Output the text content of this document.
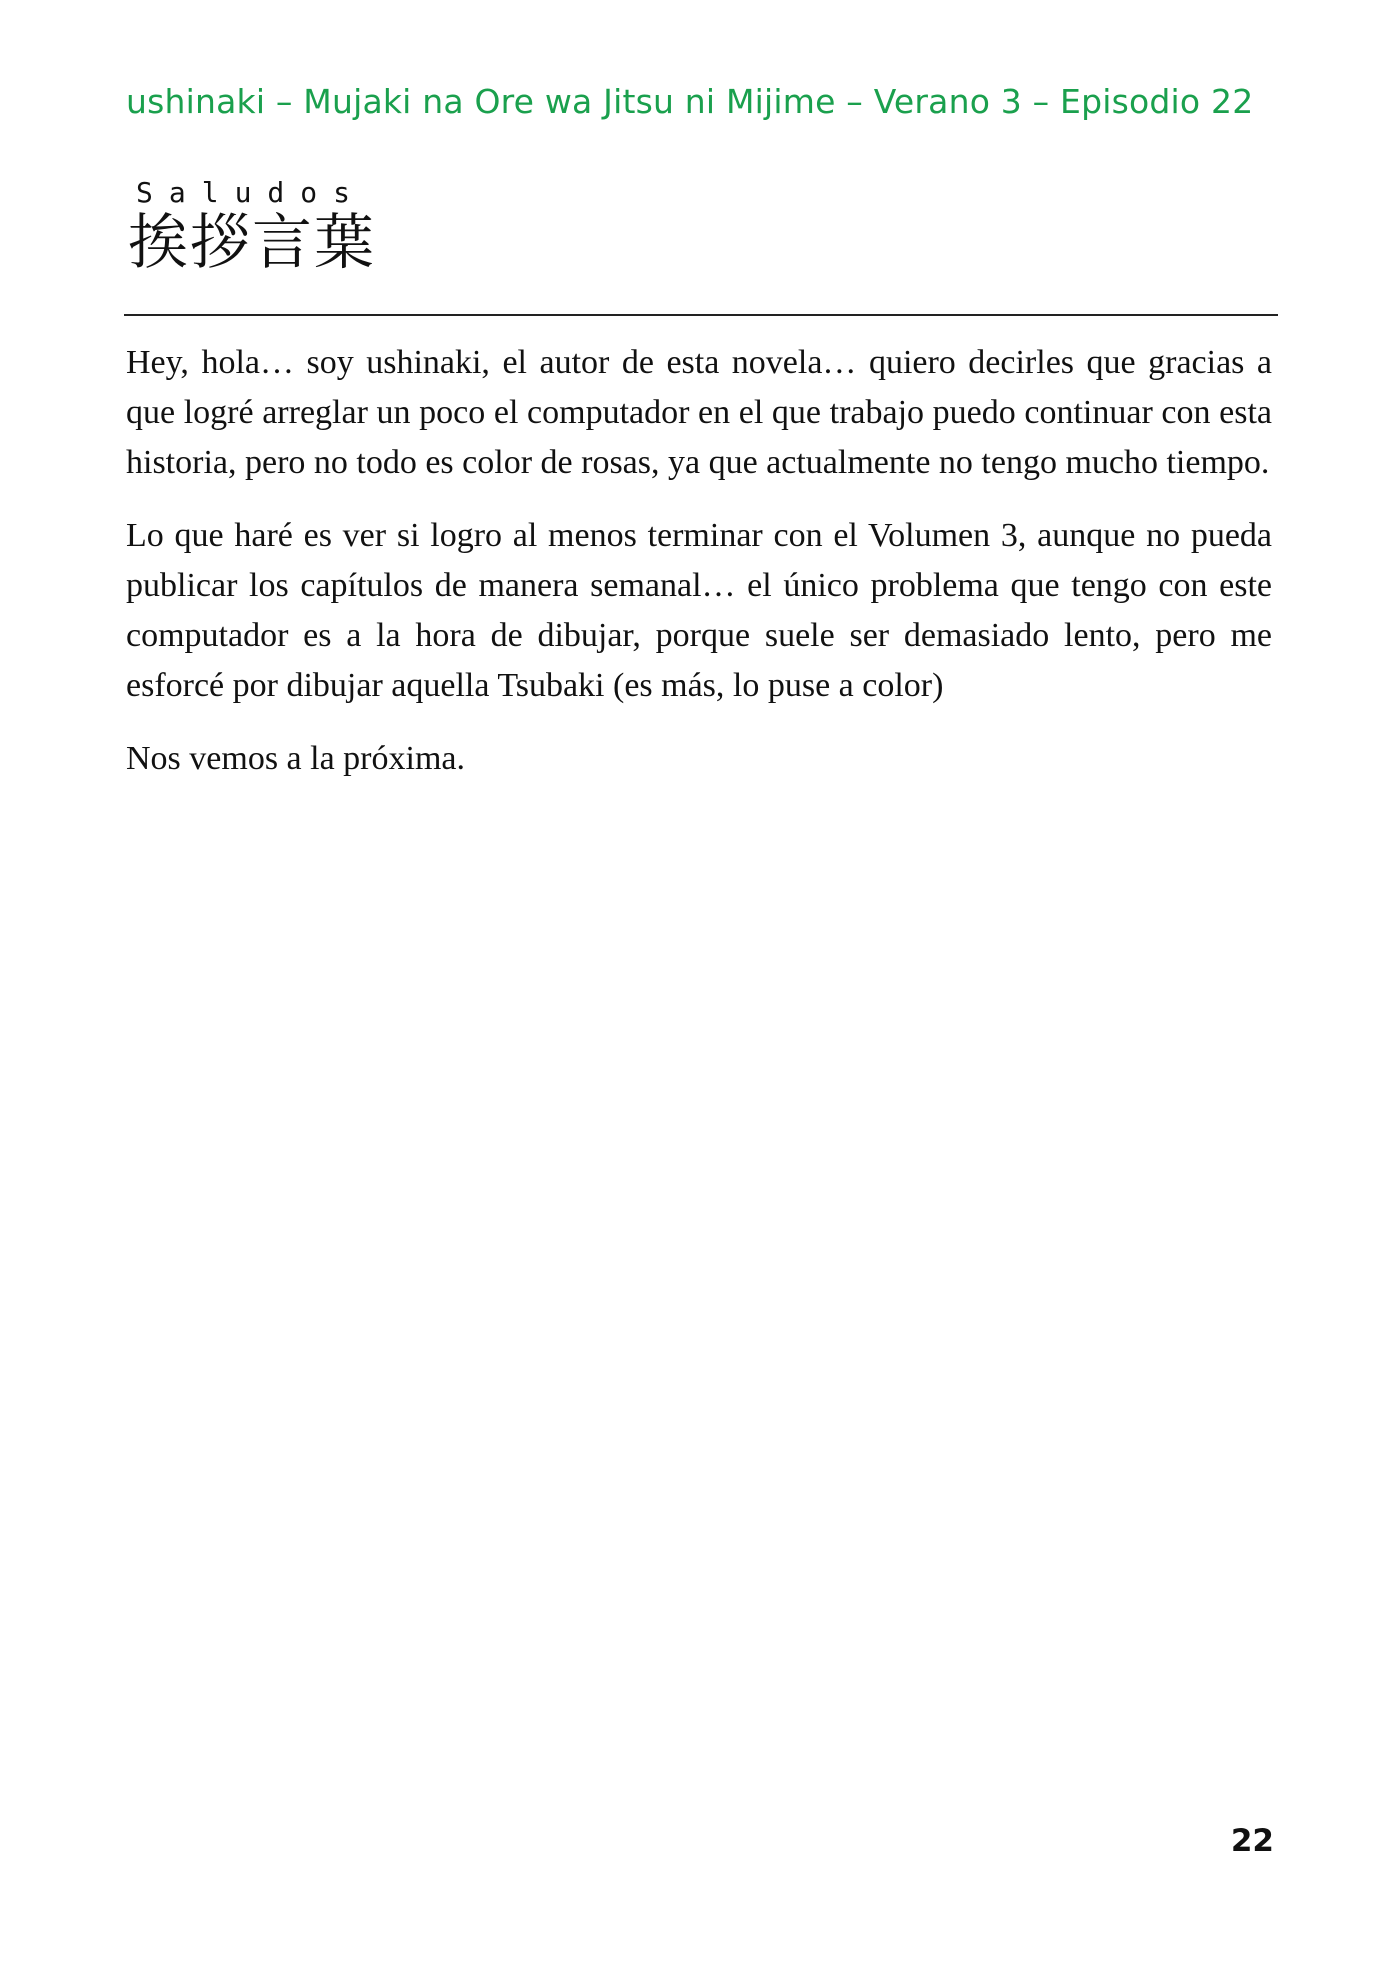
ushinaki – Mujaki na Ore wa Jitsu ni Mijime – Verano 3 – Episodio 22
Saludos
挨拶言葉

Hey, hola… soy ushinaki, el autor de esta novela… quiero decirles que gracias a que logré arreglar un poco el computador en el que trabajo puedo continuar con esta historia, pero no todo es color de rosas, ya que actualmente no tengo mucho tiempo.

Lo que haré es ver si logro al menos terminar con el Volumen 3, aunque no pueda publicar los capítulos de manera semanal… el único problema que tengo con este computador es a la hora de dibujar, porque suele ser demasiado lento, pero me esforcé por dibujar aquella Tsubaki (es más, lo puse a color)

Nos vemos a la próxima.

22
